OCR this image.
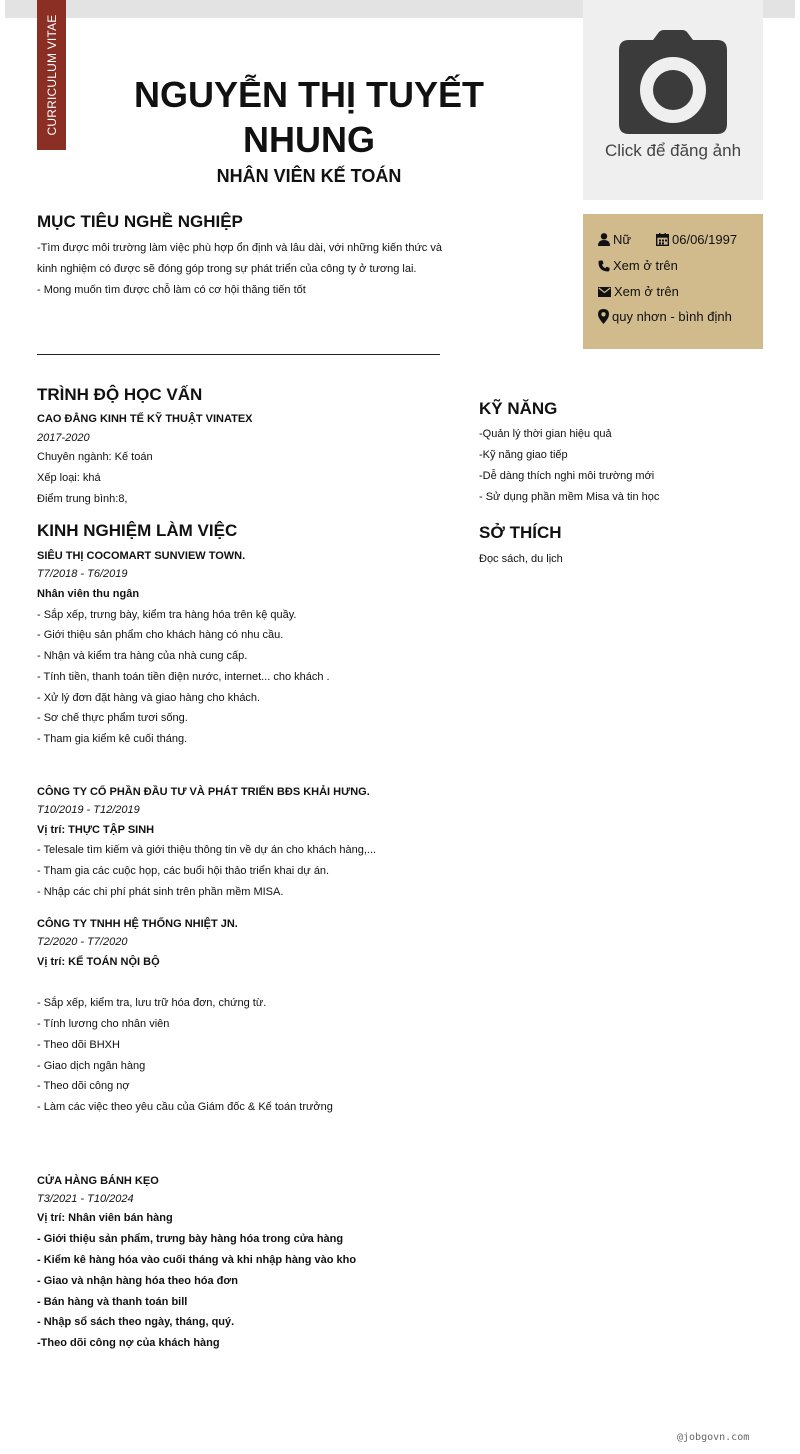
CURRICULUM VITAE
Click để đăng ảnh
NGUYỄN THỊ TUYẾT NHUNG
NHÂN VIÊN KẾ TOÁN
Nữ	06/06/1997
Xem ở trên
Xem ở trên
quy nhơn - bình định
MỤC TIÊU NGHỀ NGHIỆP
-Tìm được môi trường làm việc phù hợp ổn định và lâu dài, với những kiến thức và
kinh nghiệm có được sẽ đóng góp trong sự phát triển của công ty ở tương lai.
- Mong muốn tìm được chỗ làm có cơ hội thăng tiến tốt
TRÌNH ĐỘ HỌC VẤN
CAO ĐẲNG KINH TẾ KỸ THUẬT VINATEX
2017-2020
Chuyên ngành: Kế toán
Xếp loại: khá
Điểm trung bình:8,
KINH NGHIỆM LÀM VIỆC
SIÊU THỊ COCOMART SUNVIEW TOWN.
T7/2018 - T6/2019
Nhân viên thu ngân
- Sắp xếp, trưng bày, kiểm tra hàng hóa trên kệ quầy.
- Giới thiệu sản phẩm cho khách hàng có nhu cầu.
- Nhận và kiểm tra hàng của nhà cung cấp.
- Tính tiền, thanh toán tiền điện nước, internet... cho khách .
- Xử lý đơn đặt hàng và giao hàng cho khách.
- Sơ chế thực phẩm tươi sống.
- Tham gia kiểm kê cuối tháng.
CÔNG TY CỔ PHẦN ĐẦU TƯ VÀ PHÁT TRIỂN BĐS KHẢI HƯNG.
T10/2019 - T12/2019
Vị trí: THỰC TẬP SINH
- Telesale tìm kiếm và giới thiệu thông tin về dự án cho khách hàng,...
- Tham gia các cuộc họp, các buổi hội thảo triển khai dự án.
- Nhập các chi phí phát sinh trên phần mềm MISA.
CÔNG TY TNHH HỆ THỐNG NHIỆT JN.
T2/2020 - T7/2020
Vị trí: KẾ TOÁN NỘI BỘ
- Sắp xếp, kiểm tra, lưu trữ hóa đơn, chứng từ.
- Tính lương cho nhân viên
- Theo dõi BHXH
- Giao dịch ngân hàng
- Theo dõi công nợ
- Làm các việc theo yêu cầu của Giám đốc & Kế toán trưởng
CỬA HÀNG BÁNH KẸO
T3/2021 - T10/2024
Vị trí: Nhân viên bán hàng
- Giới thiệu sản phẩm, trưng bày hàng hóa trong cửa hàng
- Kiểm kê hàng hóa vào cuối tháng và khi nhập hàng vào kho
- Giao và nhận hàng hóa theo hóa đơn
- Bán hàng và thanh toán bill
- Nhập sổ sách theo ngày, tháng, quý.
-Theo dõi công nợ của khách hàng
KỸ NĂNG
-Quản lý thời gian hiệu quả
-Kỹ năng giao tiếp
-Dễ dàng thích nghi môi trường mới
- Sử dụng phần mềm Misa và tin học
SỞ THÍCH
Đọc sách, du lịch
@jobgovn.com
